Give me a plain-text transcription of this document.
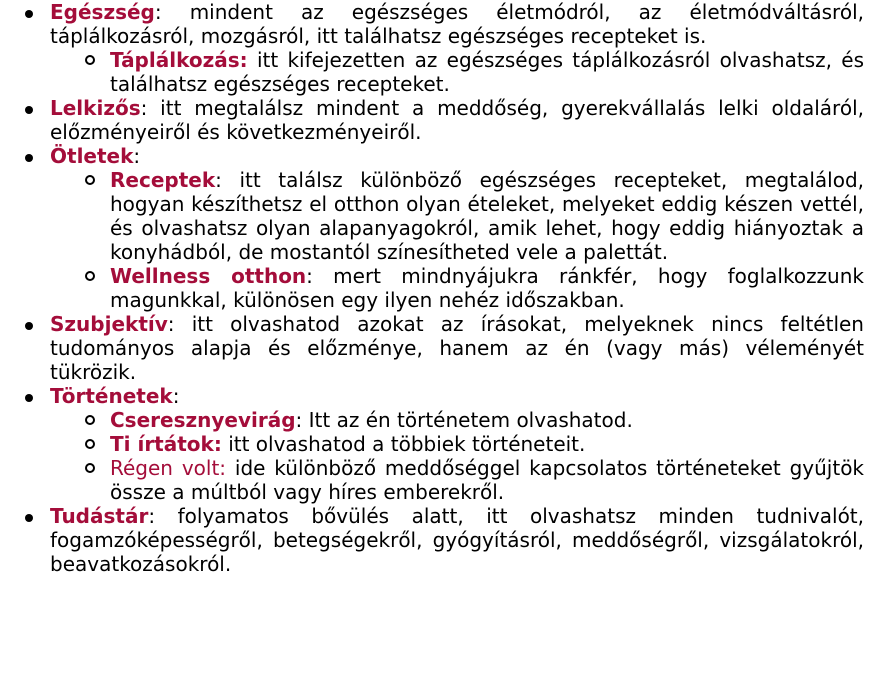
Egészség: mindent az egészséges életmódról, az életmódváltásról, táplálkozásról, mozgásról, itt találhatsz egészséges recepteket is.
Táplálkozás: itt kifejezetten az egészséges táplálkozásról olvashatsz, és találhatsz egészséges recepteket.
Lelkizős: itt megtalálsz mindent a meddőség, gyerekvállalás lelki oldaláról, előzményeiről és következményeiről.
Ötletek:
Receptek: itt találsz különböző egészséges recepteket, megtalálod, hogyan készíthetsz el otthon olyan ételeket, melyeket eddig készen vettél, és olvashatsz olyan alapanyagokról, amik lehet, hogy eddig hiányoztak a konyhádból, de mostantól színesítheted vele a palettát.
Wellness otthon: mert mindnyájukra ránkfér, hogy foglalkozzunk magunkkal, különösen egy ilyen nehéz időszakban.
Szubjektív: itt olvashatod azokat az írásokat, melyeknek nincs feltétlen tudományos alapja és előzménye, hanem az én (vagy más) véleményét tükrözik.
Történetek:
Cseresznyevirág: Itt az én történetem olvashatod.
Ti írtátok: itt olvashatod a többiek történeteit.
Régen volt: ide különböző meddőséggel kapcsolatos történeteket gyűjtök össze a múltból vagy híres emberekről.
Tudástár: folyamatos bővülés alatt, itt olvashatsz minden tudnivalót, fogamzóképességről, betegségekről, gyógyításról, meddőségről, vizsgálatokról, beavatkozásokról.
